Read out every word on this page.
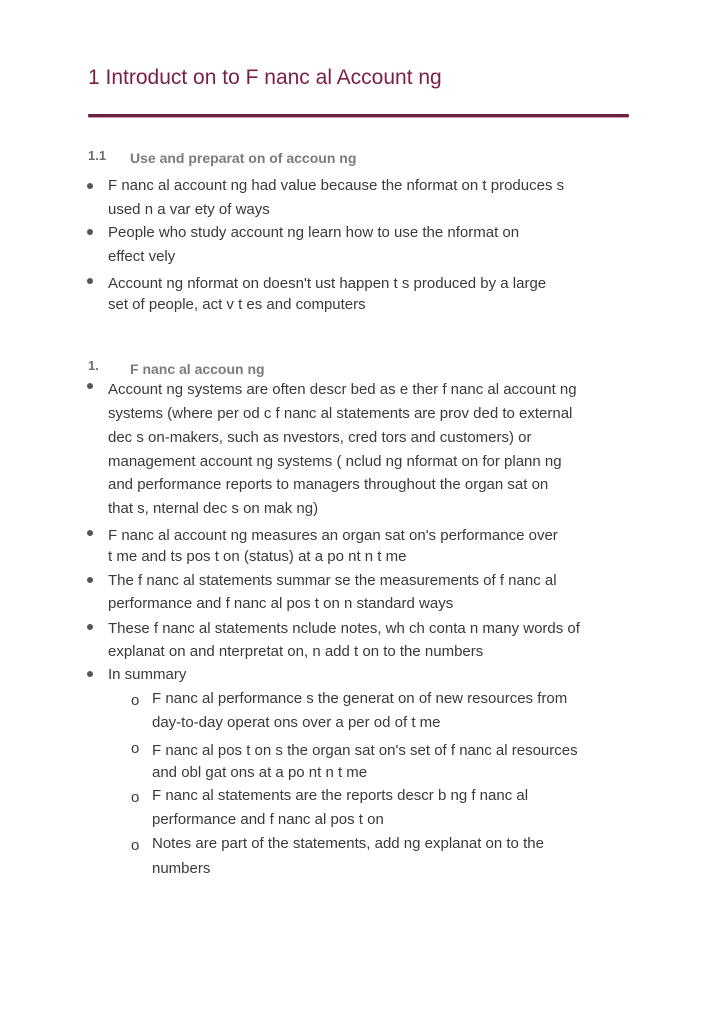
1 Introduct on to F nanc al Account ng
1.1 Use and preparat on of accoun ng
F nanc al account ng had value because the nformat on t produces s
used n a var ety of ways
People who study account ng learn how to use the nformat on
effect vely
Account ng nformat on doesn't ust happen t s produced by a large
set of people, act v t es and computers
1. F nanc al accoun ng
Account ng systems are often descr bed as e ther f nanc al account ng
systems (where per od c f nanc al statements are prov ded to external
dec s on-makers, such as nvestors, cred tors and customers) or
management account ng systems ( nclud ng nformat on for plann ng
and performance reports to managers throughout the organ sat on
that s, nternal dec s on mak ng)
F nanc al account ng measures an organ sat on's performance over
t me and ts pos t on (status) at a po nt n t me
The f nanc al statements summar se the measurements of f nanc al
performance and f nanc al pos t on n standard ways
These f nanc al statements nclude notes, wh ch conta n many words of
explanat on and nterpretat on, n add t on to the numbers
In summary
o F nanc al performance s the generat on of new resources from
day-to-day operat ons over a per od of t me
o F nanc al pos t on s the organ sat on's set of f nanc al resources
and obl gat ons at a po nt n t me
o F nanc al statements are the reports descr b ng f nanc al
performance and f nanc al pos t on
o Notes are part of the statements, add ng explanat on to the
numbers
